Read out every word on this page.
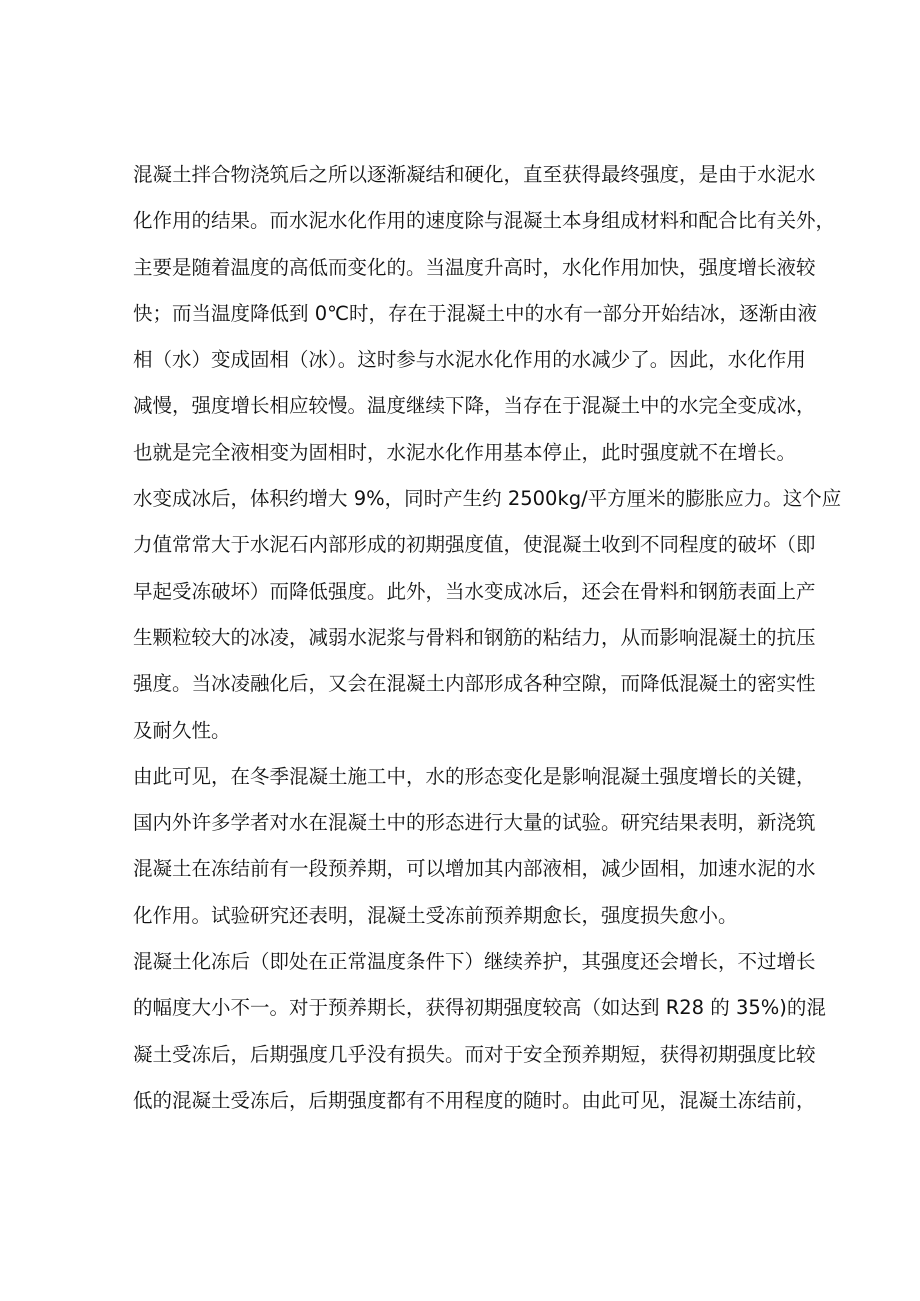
混凝土拌合物浇筑后之所以逐渐凝结和硬化，直至获得最终强度，是由于水泥水
化作用的结果。而水泥水化作用的速度除与混凝土本身组成材料和配合比有关外，
主要是随着温度的高低而变化的。当温度升高时，水化作用加快，强度增长液较
快；而当温度降低到 0℃时，存在于混凝土中的水有一部分开始结冰，逐渐由液
相（水）变成固相（冰）。这时参与水泥水化作用的水减少了。因此，水化作用
减慢，强度增长相应较慢。温度继续下降，当存在于混凝土中的水完全变成冰，
也就是完全液相变为固相时，水泥水化作用基本停止，此时强度就不在增长。
水变成冰后，体积约增大 9%，同时产生约 2500kg/平方厘米的膨胀应力。这个应
力值常常大于水泥石内部形成的初期强度值，使混凝土收到不同程度的破坏（即
早起受冻破坏）而降低强度。此外，当水变成冰后，还会在骨料和钢筋表面上产
生颗粒较大的冰凌，减弱水泥浆与骨料和钢筋的粘结力，从而影响混凝土的抗压
强度。当冰凌融化后，又会在混凝土内部形成各种空隙，而降低混凝土的密实性
及耐久性。
由此可见，在冬季混凝土施工中，水的形态变化是影响混凝土强度增长的关键，
国内外许多学者对水在混凝土中的形态进行大量的试验。研究结果表明，新浇筑
混凝土在冻结前有一段预养期，可以增加其内部液相，减少固相，加速水泥的水
化作用。试验研究还表明，混凝土受冻前预养期愈长，强度损失愈小。
混凝土化冻后（即处在正常温度条件下）继续养护，其强度还会增长，不过增长
的幅度大小不一。对于预养期长，获得初期强度较高（如达到 R28 的 35%)的混
凝土受冻后，后期强度几乎没有损失。而对于安全预养期短，获得初期强度比较
低的混凝土受冻后，后期强度都有不用程度的随时。由此可见，混凝土冻结前，
